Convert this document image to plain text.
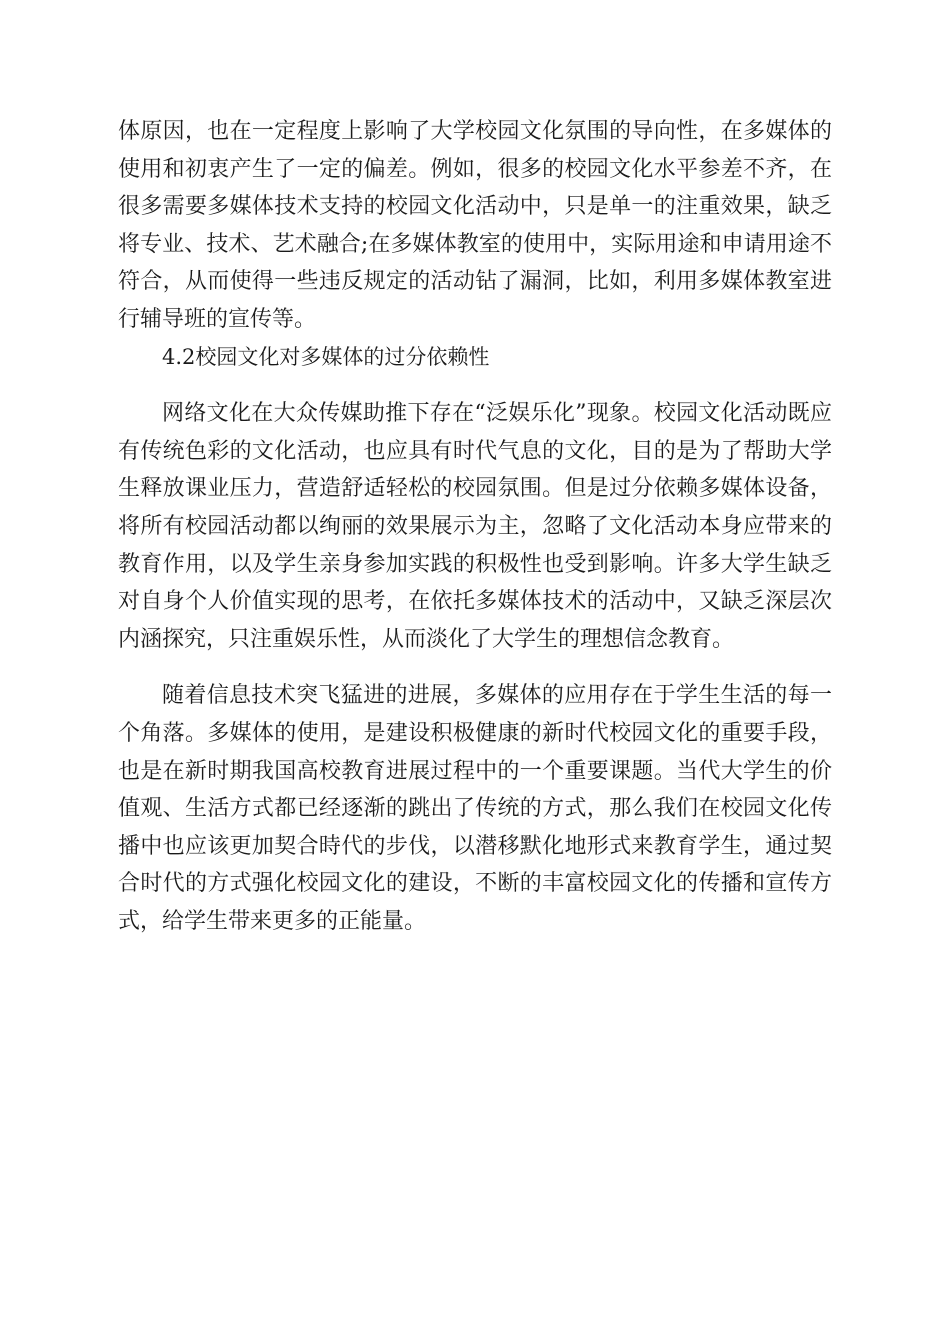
体原因，也在一定程度上影响了大学校园文化氛围的导向性，在多媒体的使用和初衷产生了一定的偏差。例如，很多的校园文化水平参差不齐，在很多需要多媒体技术支持的校园文化活动中，只是单一的注重效果，缺乏将专业、技术、艺术融合;在多媒体教室的使用中，实际用途和申请用途不符合，从而使得一些违反规定的活动钻了漏洞，比如，利用多媒体教室进行辅导班的宣传等。

4.2校园文化对多媒体的过分依赖性

网络文化在大众传媒助推下存在“泛娱乐化”现象。校园文化活动既应有传统色彩的文化活动，也应具有时代气息的文化，目的是为了帮助大学生释放课业压力，营造舒适轻松的校园氛围。但是过分依赖多媒体设备，将所有校园活动都以绚丽的效果展示为主，忽略了文化活动本身应带来的教育作用，以及学生亲身参加实践的积极性也受到影响。许多大学生缺乏对自身个人价值实现的思考，在依托多媒体技术的活动中，又缺乏深层次内涵探究，只注重娱乐性，从而淡化了大学生的理想信念教育。

随着信息技术突飞猛进的进展，多媒体的应用存在于学生生活的每一个角落。多媒体的使用，是建设积极健康的新时代校园文化的重要手段，也是在新时期我国高校教育进展过程中的一个重要课题。当代大学生的价值观、生活方式都已经逐渐的跳出了传统的方式，那么我们在校园文化传播中也应该更加契合時代的步伐，以潜移默化地形式来教育学生，通过契合时代的方式强化校园文化的建设，不断的丰富校园文化的传播和宣传方式，给学生带来更多的正能量。
